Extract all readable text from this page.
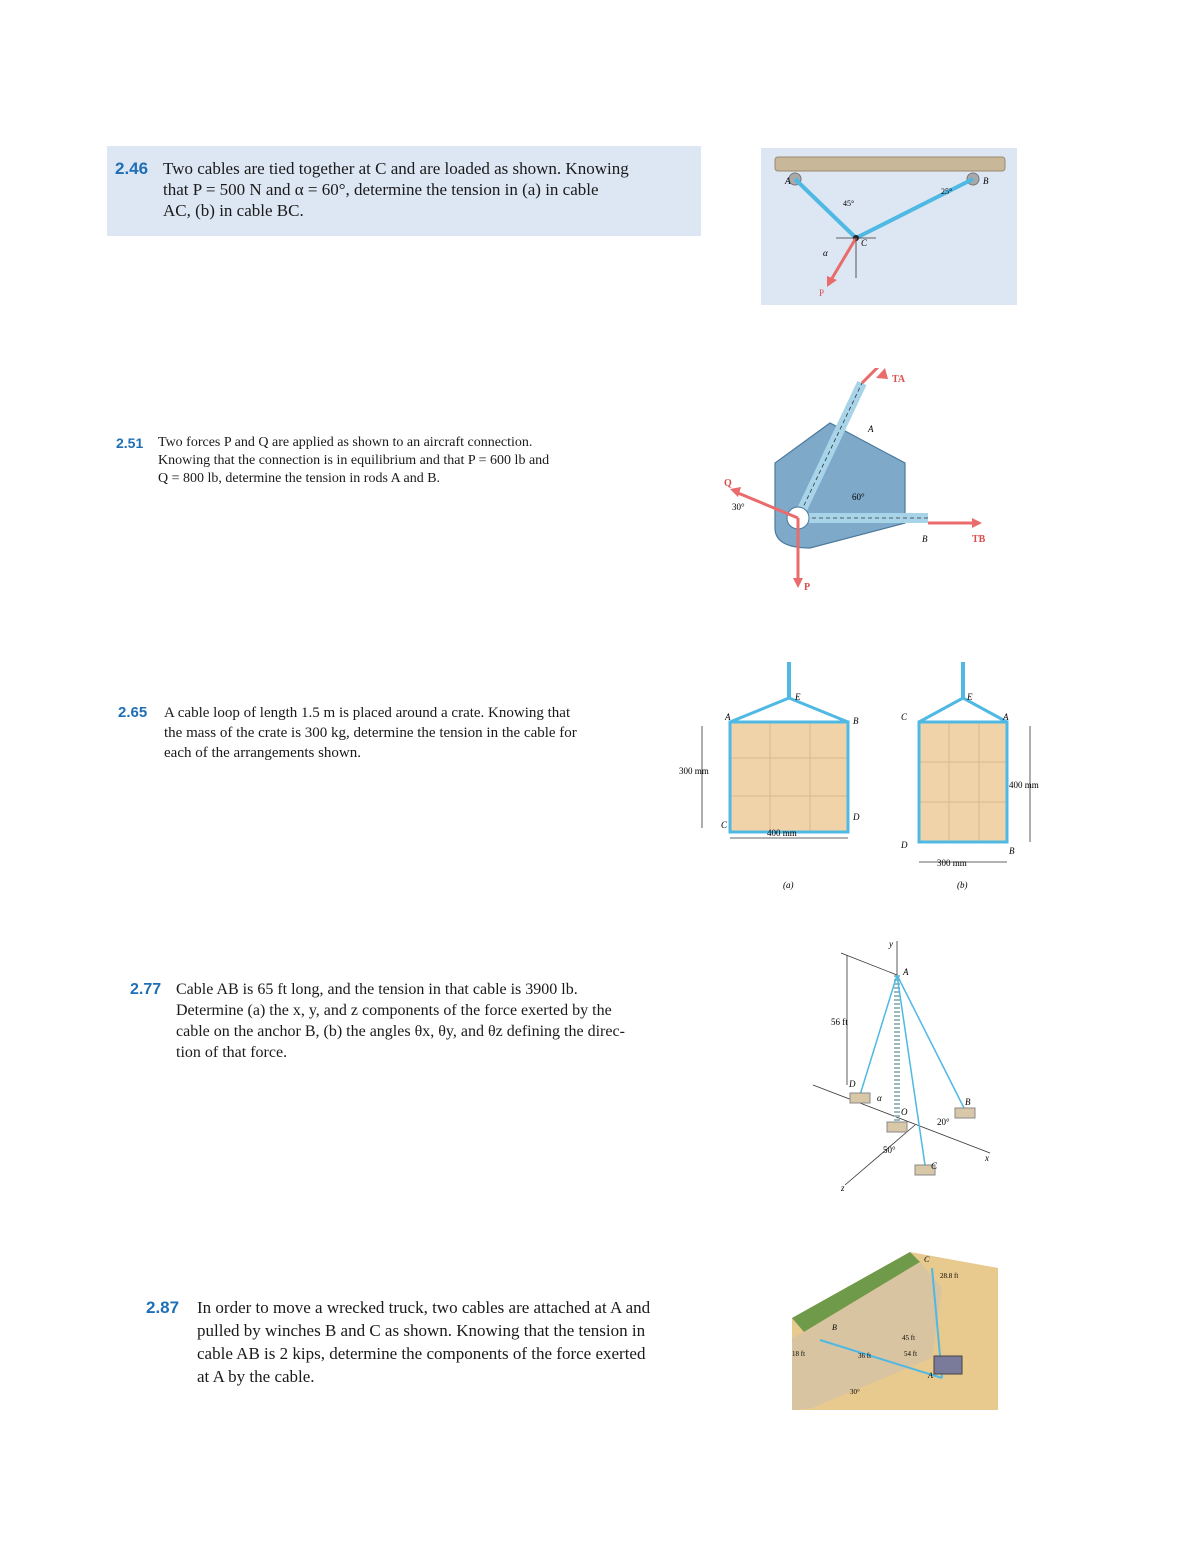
2.46 Two cables are tied together at C and are loaded as shown. Knowing
that P = 500 N and α = 60°, determine the tension in (a) in cable
AC, (b) in cable BC.
A	B
C
P
α
45°
25°
2.51 Two forces P and Q are applied as shown to an aircraft connection.
Knowing that the connection is in equilibrium and that P = 600 lb and
Q = 800 lb, determine the tension in rods A and B.
TA
TB
A
B
P
Q
60°
30°
2.65 A cable loop of length 1.5 m is placed around a crate. Knowing that
the mass of the crate is 300 kg, determine the tension in the cable for
each of the arrangements shown.
A	B
C
D
E
300 mm
400 mm
(a)
C	A
D
B
E
400 mm
300 mm
(b)
2.77 Cable AB is 65 ft long, and the tension in that cable is 3900 lb.
Determine (a) the x, y, and z components of the force exerted by the
cable on the anchor B, (b) the angles θx, θy, and θz defining the direc-
tion of that force.
y
A
56 ft
D
α
O
B
20°
50°
C
x
z
2.87 In order to move a wrecked truck, two cables are attached at A and
pulled by winches B and C as shown. Knowing that the tension in
cable AB is 2 kips, determine the components of the force exerted
at A by the cable.
C
B
A
28.8 ft
45 ft
54 ft
36 ft
18 ft
30°
